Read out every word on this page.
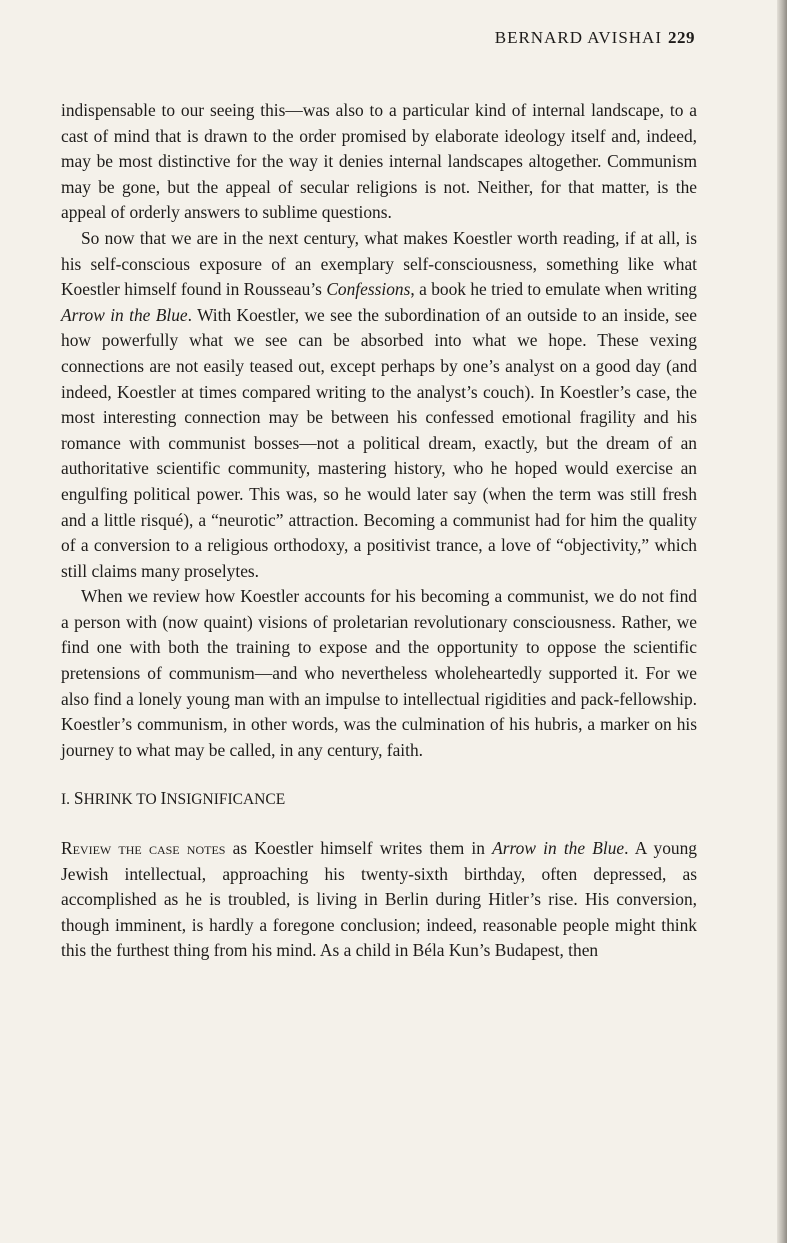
BERNARD AVISHAI 229

indispensable to our seeing this—was also to a particular kind of internal landscape, to a cast of mind that is drawn to the order promised by elaborate ideology itself and, indeed, may be most distinctive for the way it denies internal landscapes altogether. Communism may be gone, but the appeal of secular religions is not. Neither, for that matter, is the appeal of orderly answers to sublime questions.

So now that we are in the next century, what makes Koestler worth reading, if at all, is his self-conscious exposure of an exemplary self-consciousness, something like what Koestler himself found in Rousseau’s Confessions, a book he tried to emulate when writing Arrow in the Blue. With Koestler, we see the subordination of an outside to an inside, see how powerfully what we see can be absorbed into what we hope. These vexing connections are not easily teased out, except perhaps by one’s analyst on a good day (and indeed, Koestler at times compared writing to the analyst’s couch). In Koestler’s case, the most interesting connection may be between his confessed emotional fragility and his romance with communist bosses—not a political dream, exactly, but the dream of an authoritative scientific community, mastering history, who he hoped would exercise an engulfing political power. This was, so he would later say (when the term was still fresh and a little risqué), a “neurotic” attraction. Becoming a communist had for him the quality of a conversion to a religious orthodoxy, a positivist trance, a love of “objectivity,” which still claims many proselytes.

When we review how Koestler accounts for his becoming a communist, we do not find a person with (now quaint) visions of proletarian revolutionary consciousness. Rather, we find one with both the training to expose and the opportunity to oppose the scientific pretensions of communism—and who nevertheless wholeheartedly supported it. For we also find a lonely young man with an impulse to intellectual rigidities and pack-fellowship. Koestler’s communism, in other words, was the culmination of his hubris, a marker on his journey to what may be called, in any century, faith.

I. SHRINK TO INSIGNIFICANCE

Review the case notes as Koestler himself writes them in Arrow in the Blue. A young Jewish intellectual, approaching his twenty-sixth birthday, often depressed, as accomplished as he is troubled, is living in Berlin during Hitler’s rise. His conversion, though imminent, is hardly a foregone conclusion; indeed, reasonable people might think this the furthest thing from his mind. As a child in Béla Kun’s Budapest, then
